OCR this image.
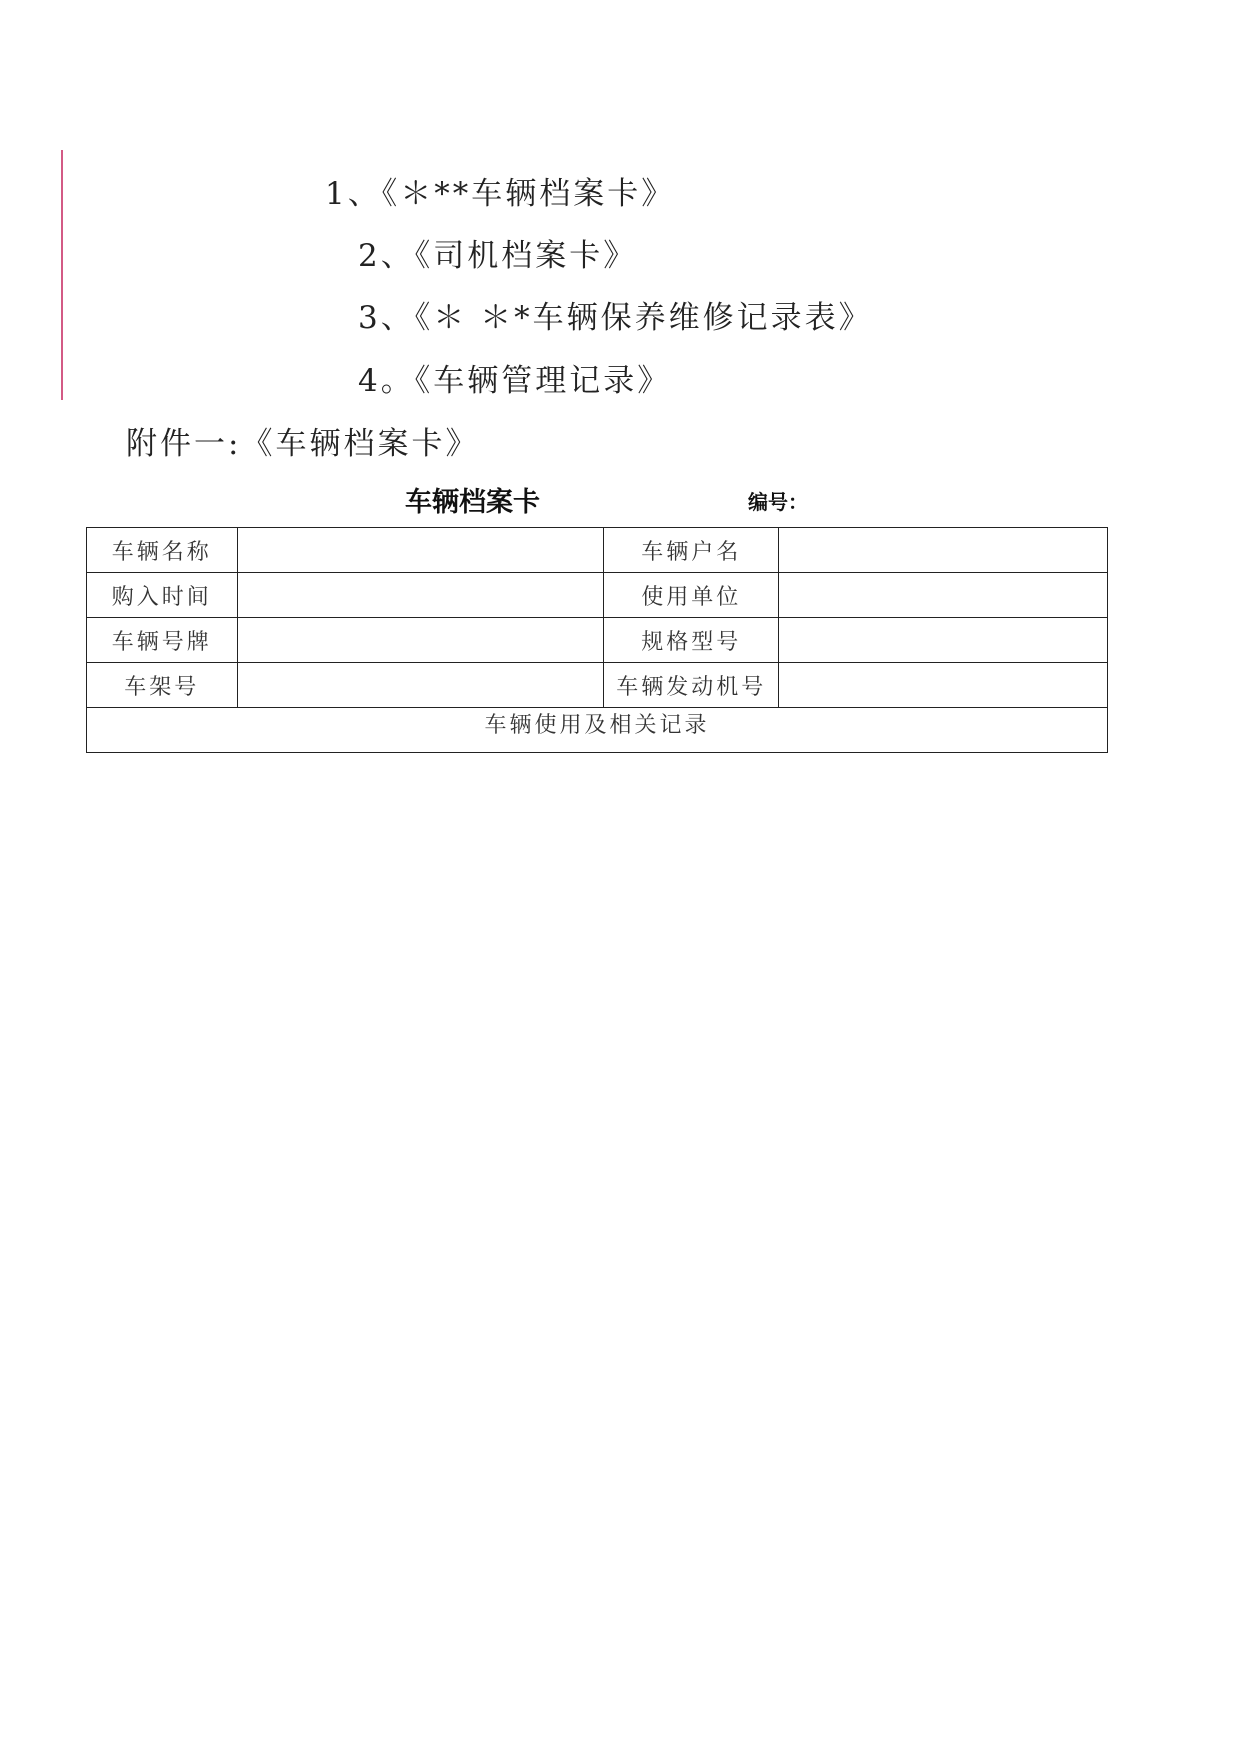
1、《＊**车辆档案卡》
2、《司机档案卡》
3、《＊ ＊*车辆保养维修记录表》
4。《车辆管理记录》
附件一:《车辆档案卡》
车辆档案卡	编号：
车辆名称		车辆户名	
购入时间		使用单位	
车辆号牌		规格型号	
车架号		车辆发动机号	
车辆使用及相关记录			
